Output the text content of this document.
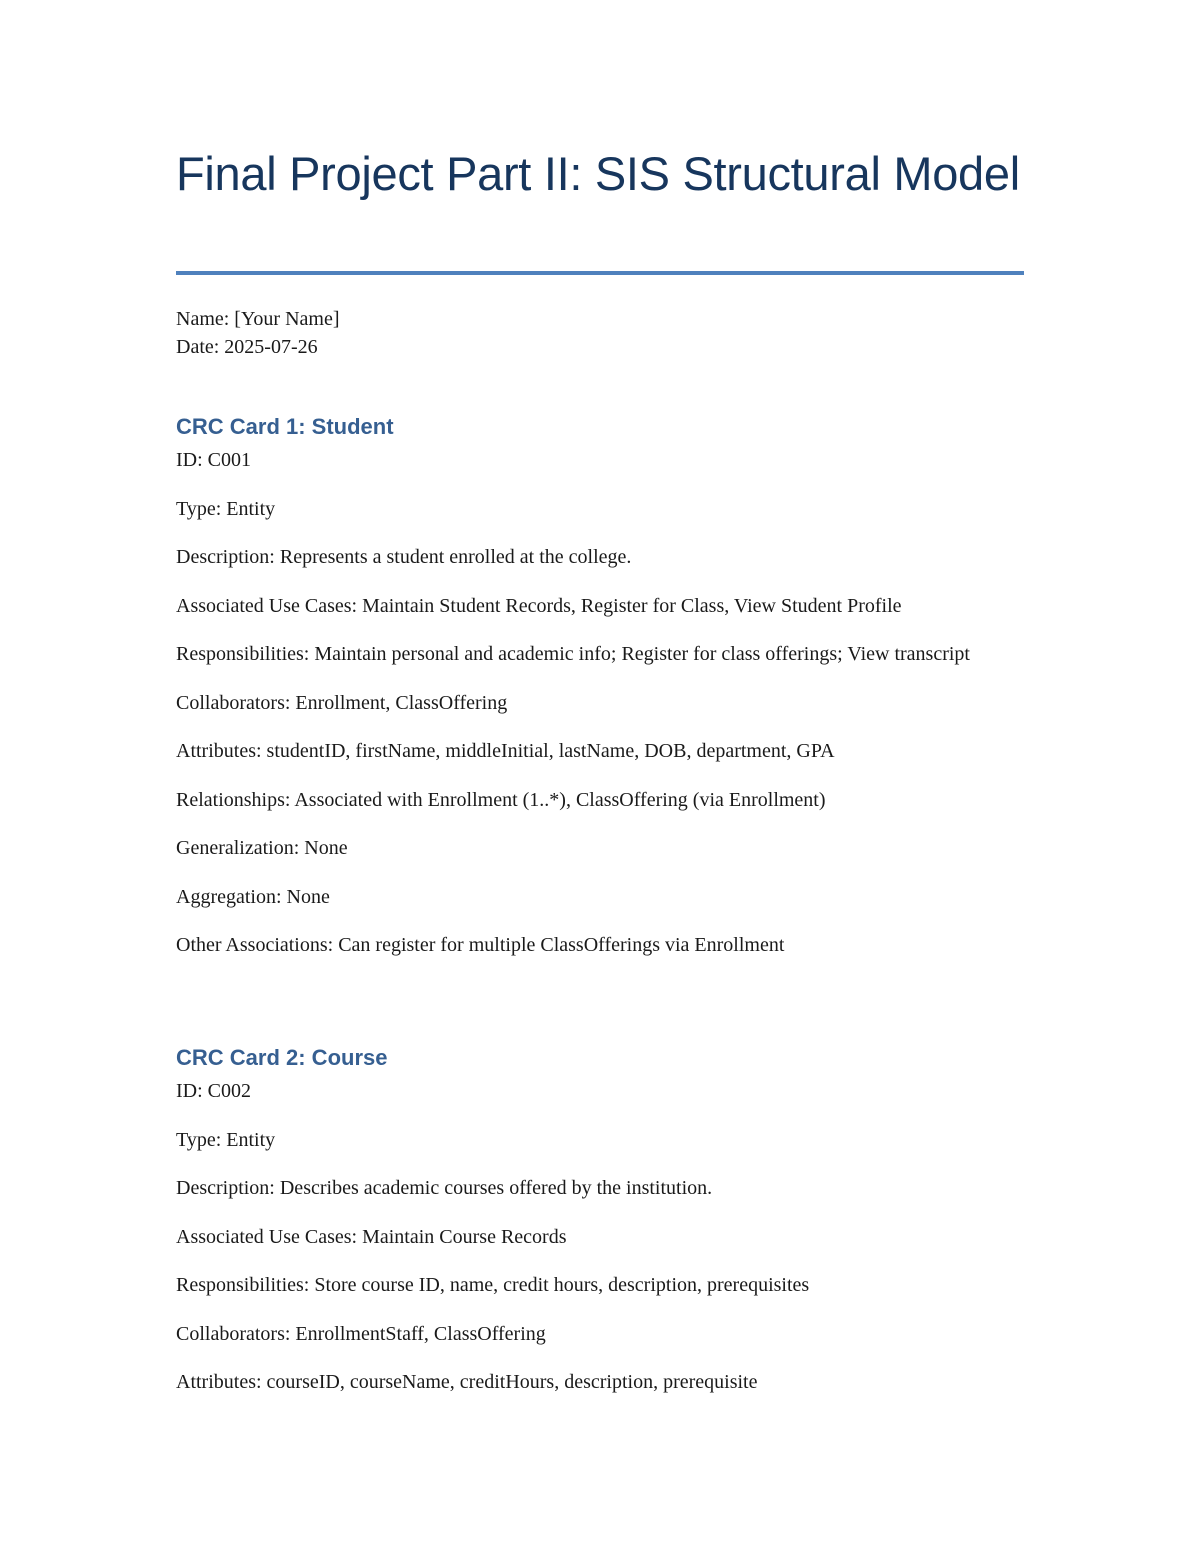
Final Project Part II: SIS Structural Model
Name: [Your Name]
Date: 2025-07-26
CRC Card 1: Student

ID: C001

Type: Entity

Description: Represents a student enrolled at the college.

Associated Use Cases: Maintain Student Records, Register for Class, View Student Profile

Responsibilities: Maintain personal and academic info; Register for class offerings; View transcript

Collaborators: Enrollment, ClassOffering

Attributes: studentID, firstName, middleInitial, lastName, DOB, department, GPA

Relationships: Associated with Enrollment (1..*), ClassOffering (via Enrollment)

Generalization: None

Aggregation: None

Other Associations: Can register for multiple ClassOfferings via Enrollment

CRC Card 2: Course

ID: C002

Type: Entity

Description: Describes academic courses offered by the institution.

Associated Use Cases: Maintain Course Records

Responsibilities: Store course ID, name, credit hours, description, prerequisites

Collaborators: EnrollmentStaff, ClassOffering

Attributes: courseID, courseName, creditHours, description, prerequisite
